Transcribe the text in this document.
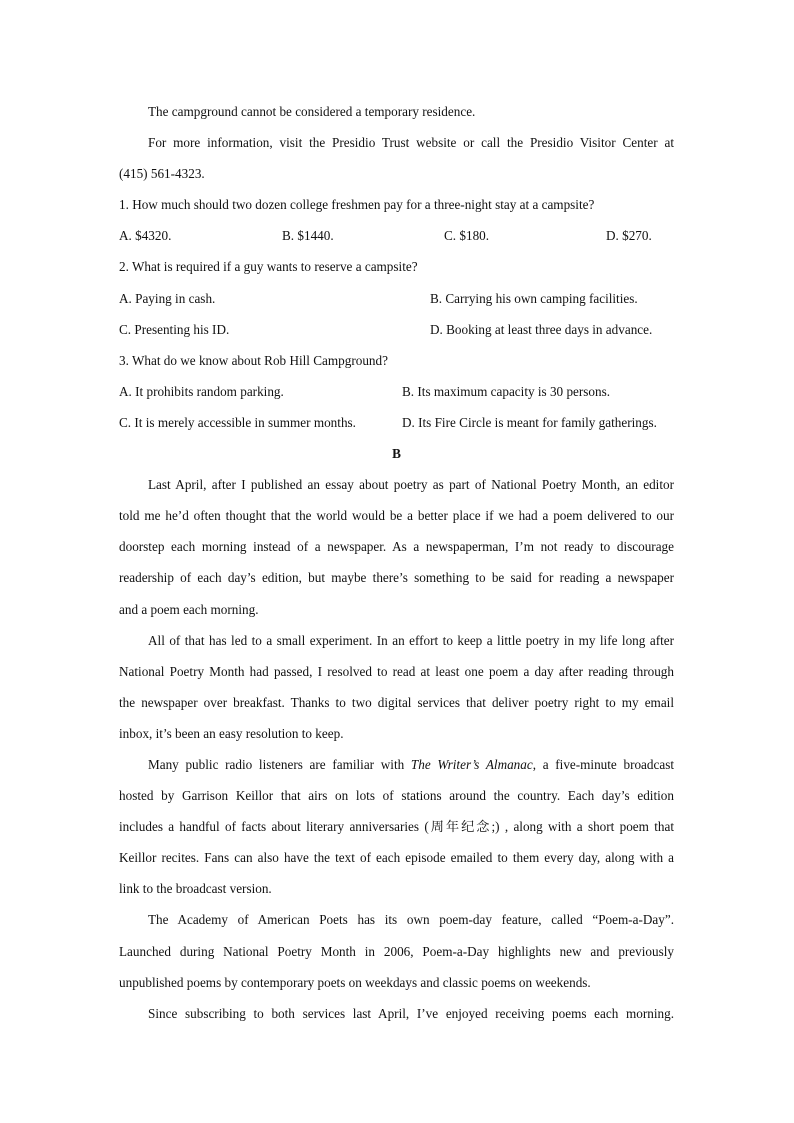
The campground cannot be considered a temporary residence.
For more information, visit the Presidio Trust website or call the Presidio Visitor Center at
(415) 561-4323.
1. How much should two dozen college freshmen pay for a three-night stay at a campsite?
A. $4320.	B. $1440.	C. $180.	D. $270.
2. What is required if a guy wants to reserve a campsite?
A. Paying in cash.	B. Carrying his own camping facilities.
C. Presenting his ID.	D. Booking at least three days in advance.
3. What do we know about Rob Hill Campground?
A. It prohibits random parking.	B. Its maximum capacity is 30 persons.
C. It is merely accessible in summer months.	D. Its Fire Circle is meant for family gatherings.
B
Last April, after I published an essay about poetry as part of National Poetry Month, an editor
told me he’d often thought that the world would be a better place if we had a poem delivered to our
doorstep each morning instead of a newspaper. As a newspaperman, I’m not ready to discourage
readership of each day’s edition, but maybe there’s something to be said for reading a newspaper
and a poem each morning.
All of that has led to a small experiment. In an effort to keep a little poetry in my life long after
National Poetry Month had passed, I resolved to read at least one poem a day after reading through
the newspaper over breakfast. Thanks to two digital services that deliver poetry right to my email
inbox, it’s been an easy resolution to keep.
Many public radio listeners are familiar with The Writer’s Almanac, a five-minute broadcast
hosted by Garrison Keillor that airs on lots of stations around the country. Each day’s edition
includes a handful of facts about literary anniversaries (周年纪念;) , along with a short poem that
Keillor recites. Fans can also have the text of each episode emailed to them every day, along with a
link to the broadcast version.
The Academy of American Poets has its own poem-day feature, called “Poem-a-Day”.
Launched during National Poetry Month in 2006, Poem-a-Day highlights new and previously
unpublished poems by contemporary poets on weekdays and classic poems on weekends.
Since subscribing to both services last April, I’ve enjoyed receiving poems each morning.
